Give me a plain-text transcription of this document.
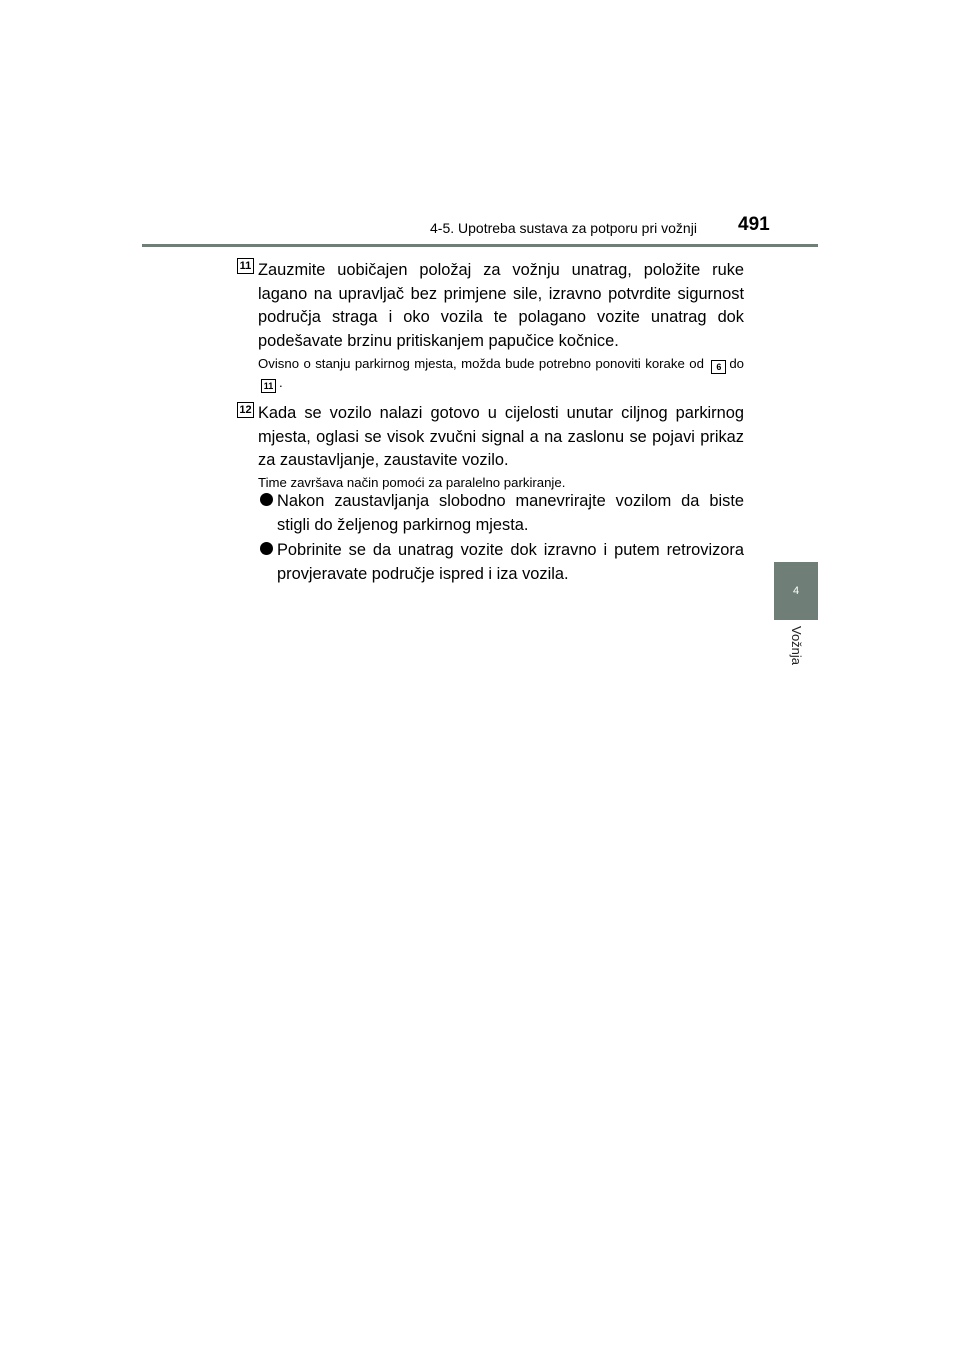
4-5. Upotreba sustava za potporu pri vožnji 491
4
Vožnja
11 Zauzmite uobičajen položaj za vožnju unatrag, položite ruke lagano na upravljač bez primjene sile, izravno potvrdite sigurnost područja straga i oko vozila te polagano vozite unatrag dok podešavate brzinu pritiskanjem papučice kočnice.
Ovisno o stanju parkirnog mjesta, možda bude potrebno ponoviti korake od 6 do11 .
12 Kada se vozilo nalazi gotovo u cijelosti unutar ciljnog parkirnog mjesta, oglasi se visok zvučni signal a na zaslonu se pojavi prikaz za zaustavljanje, zaustavite vozilo.
Time završava način pomoći za paralelno parkiranje.
Nakon zaustavljanja slobodno manevrirajte vozilom da biste stigli do željenog parkirnog mjesta.
Pobrinite se da unatrag vozite dok izravno i putem retrovizora provjeravate područje ispred i iza vozila.
